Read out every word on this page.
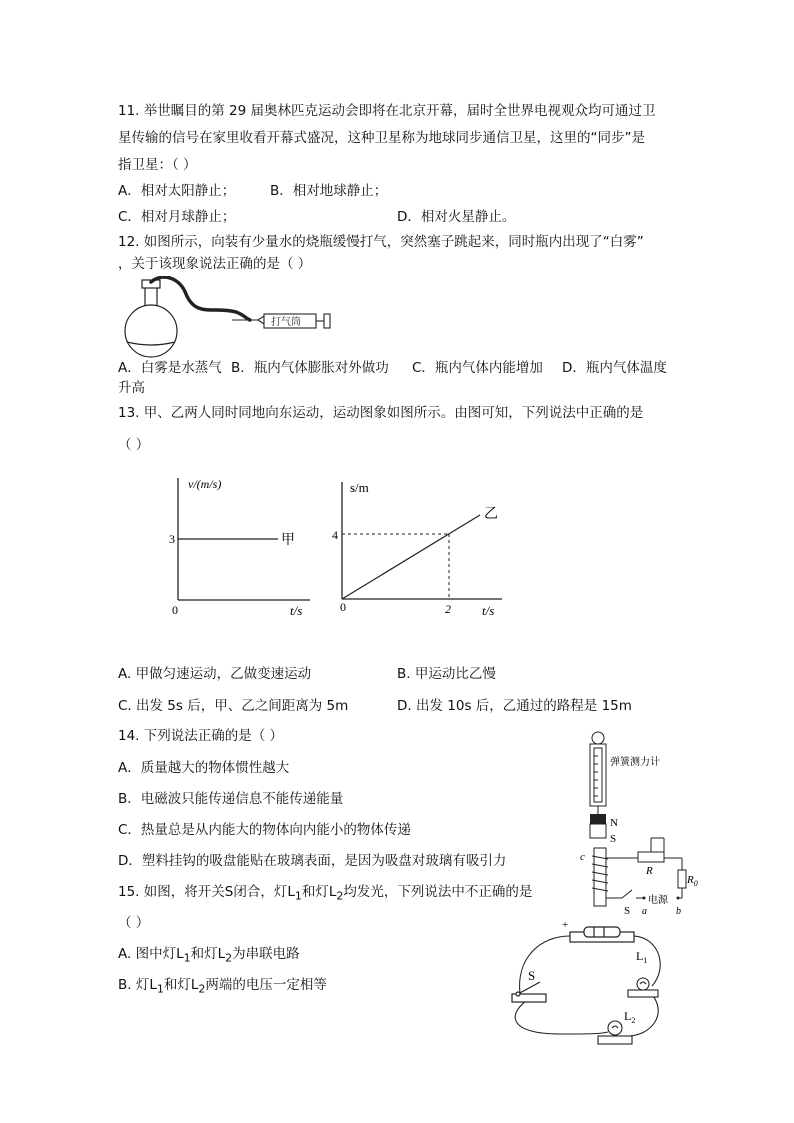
11. 举世瞩目的第 29 届奥林匹克运动会即将在北京开幕，届时全世界电视观众均可通过卫
星传输的信号在家里收看开幕式盛况，这种卫星称为地球同步通信卫星，这里的“同步”是
指卫星：（ ）
A．相对太阳静止；	B．相对地球静止；
C．相对月球静止；	D．相对火星静止。
12. 如图所示，向装有少量水的烧瓶缓慢打气，突然塞子跳起来，同时瓶内出现了“白雾”
，关于该现象说法正确的是（ ）
打气筒
A．白雾是水蒸气 B．瓶内气体膨胀对外做功 C．瓶内气体内能增加 D．瓶内气体温度
升高
13. 甲、乙两人同时同地向东运动，运动图象如图所示。由图可知，下列说法中正确的是
（ ）
v/(m/s)
3	甲
0	t/s
s/m
4
乙
0	2 t/s
A. 甲做匀速运动，乙做变速运动	B. 甲运动比乙慢
C. 出发 5s 后，甲、乙之间距离为 5m	D. 出发 10s 后，乙通过的路程是 15m
14. 下列说法正确的是（ ）
A．质量越大的物体惯性越大
B．电磁波只能传递信息不能传递能量
C．热量总是从内能大的物体向内能小的物体传递
D．塑料挂钩的吸盘能贴在玻璃表面，是因为吸盘对玻璃有吸引力
弹簧测力计
N
S
c
R
$R_0$
S
电源
a	b
15. 如图，将开关S闭合，灯$L_1$和灯$L_2$均发光，下列说法中不正确的是
（ ）
A. 图中灯$L_1$和灯$L_2$为串联电路
B. 灯$L_1$和灯$L_2$两端的电压一定相等
+
S
$L_1$
$L_2$
